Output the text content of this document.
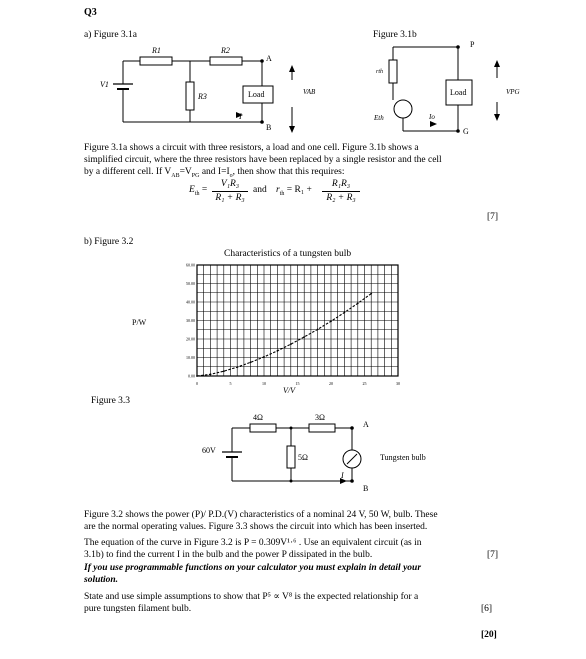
Q3
a) Figure 3.1a	Figure 3.1b
R1	R2
R3
V1
Load
A
B
I
VAB
rth
Eth
Load
P
G
Io
VPG
Figure 3.1a shows a circuit with three resistors, a load and one cell. Figure 3.1b shows a
simplified circuit, where the three resistors have been replaced by a single resistor and the cell
by a different cell. If $V_{AB}=V_{PG}$ and $I=I_o$, then show that this requires:
$E_{th}$ =
V₁R₃
R₁ + R₃
and $r_{th} = R_1$ +
R₁R₃
R₂ + R₃
[7]
b) Figure 3.2
Characteristics of a tungsten bulb
P/W
V/V
0	5	10	15	20	25	30
0.00
10.00
20.00
30.00
40.00
50.00
60.00
Figure 3.3
4Ω	3Ω
5Ω
60V
Tungsten bulb
A
B
I
Figure 3.2 shows the power (P)/ P.D.(V) characteristics of a nominal 24 V, 50 W, bulb. These
are the normal operating values. Figure 3.3 shows the circuit into which has been inserted.
The equation of the curve in Figure 3.2 is P = 0.309V¹·⁶ . Use an equivalent circuit (as in
3.1b) to find the current I in the bulb and the power P dissipated in the bulb.	[7]
If you use programmable functions on your calculator you must explain in detail your
solution.
State and use simple assumptions to show that P⁵ ∝ V⁸ is the expected relationship for a
pure tungsten filament bulb.	[6]
[20]
